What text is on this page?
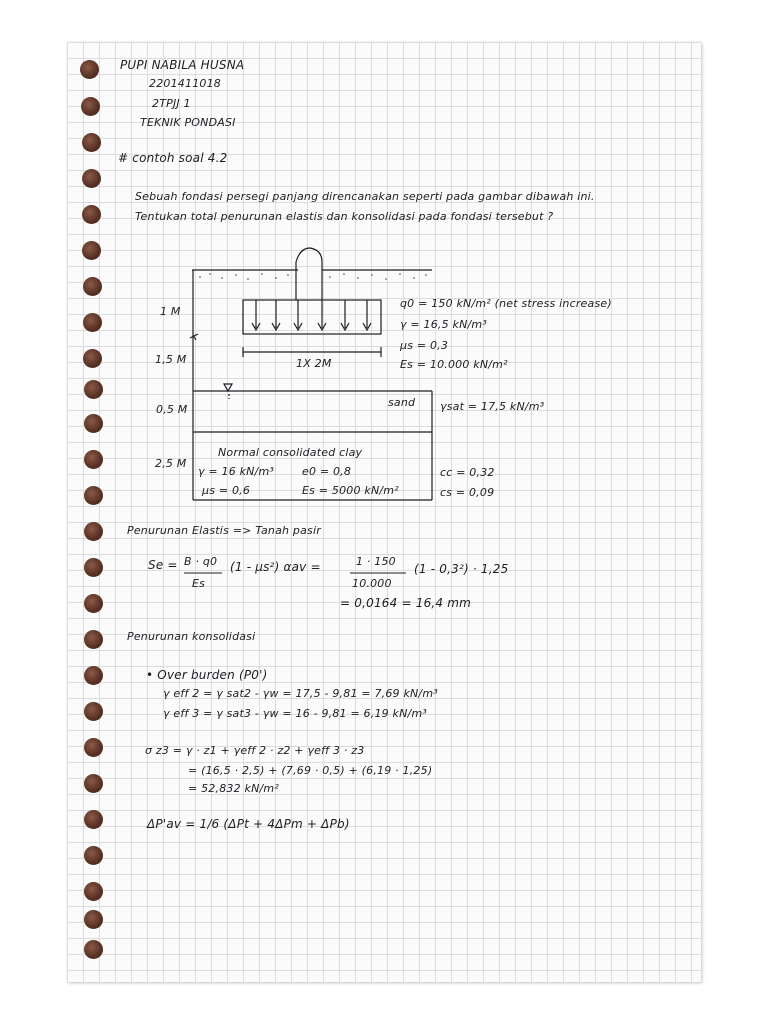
PUPI NABILA HUSNA
2201411018
2TPJJ 1
TEKNIK PONDASI
# contoh soal 4.2
Sebuah fondasi persegi panjang direncanakan seperti pada gambar dibawah ini.
Tentukan total penurunan elastis dan konsolidasi pada fondasi tersebut ?
1 M
1,5 M
0,5 M
2,5 M
1X 2M
q0 = 150 kN/m² (net stress increase)
γ = 16,5 kN/m³
μs = 0,3
Es = 10.000 kN/m²
sand γsat = 17,5 kN/m³
Normal consolidated clay
γ = 16 kN/m³	e0 = 0,8
μs = 0,6	Es = 5000 kN/m²
cc = 0,32
cs = 0,09
Penurunan Elastis => Tanah pasir
Se = B · q0
Es
(1 - μs²) αav =	1 · 150
10.000
(1 - 0,3²) · 1,25
= 0,0164 = 16,4 mm
Penurunan konsolidasi
• Over burden (P0')
γ eff 2 = γ sat2 - γw = 17,5 - 9,81 = 7,69 kN/m³
γ eff 3 = γ sat3 - γw = 16 - 9,81 = 6,19 kN/m³
σ z3 = γ · z1 + γeff 2 · z2 + γeff 3 · z3
= (16,5 · 2,5) + (7,69 · 0,5) + (6,19 · 1,25)
= 52,832 kN/m²
ΔP'av = 1/6 (ΔPt + 4ΔPm + ΔPb)
